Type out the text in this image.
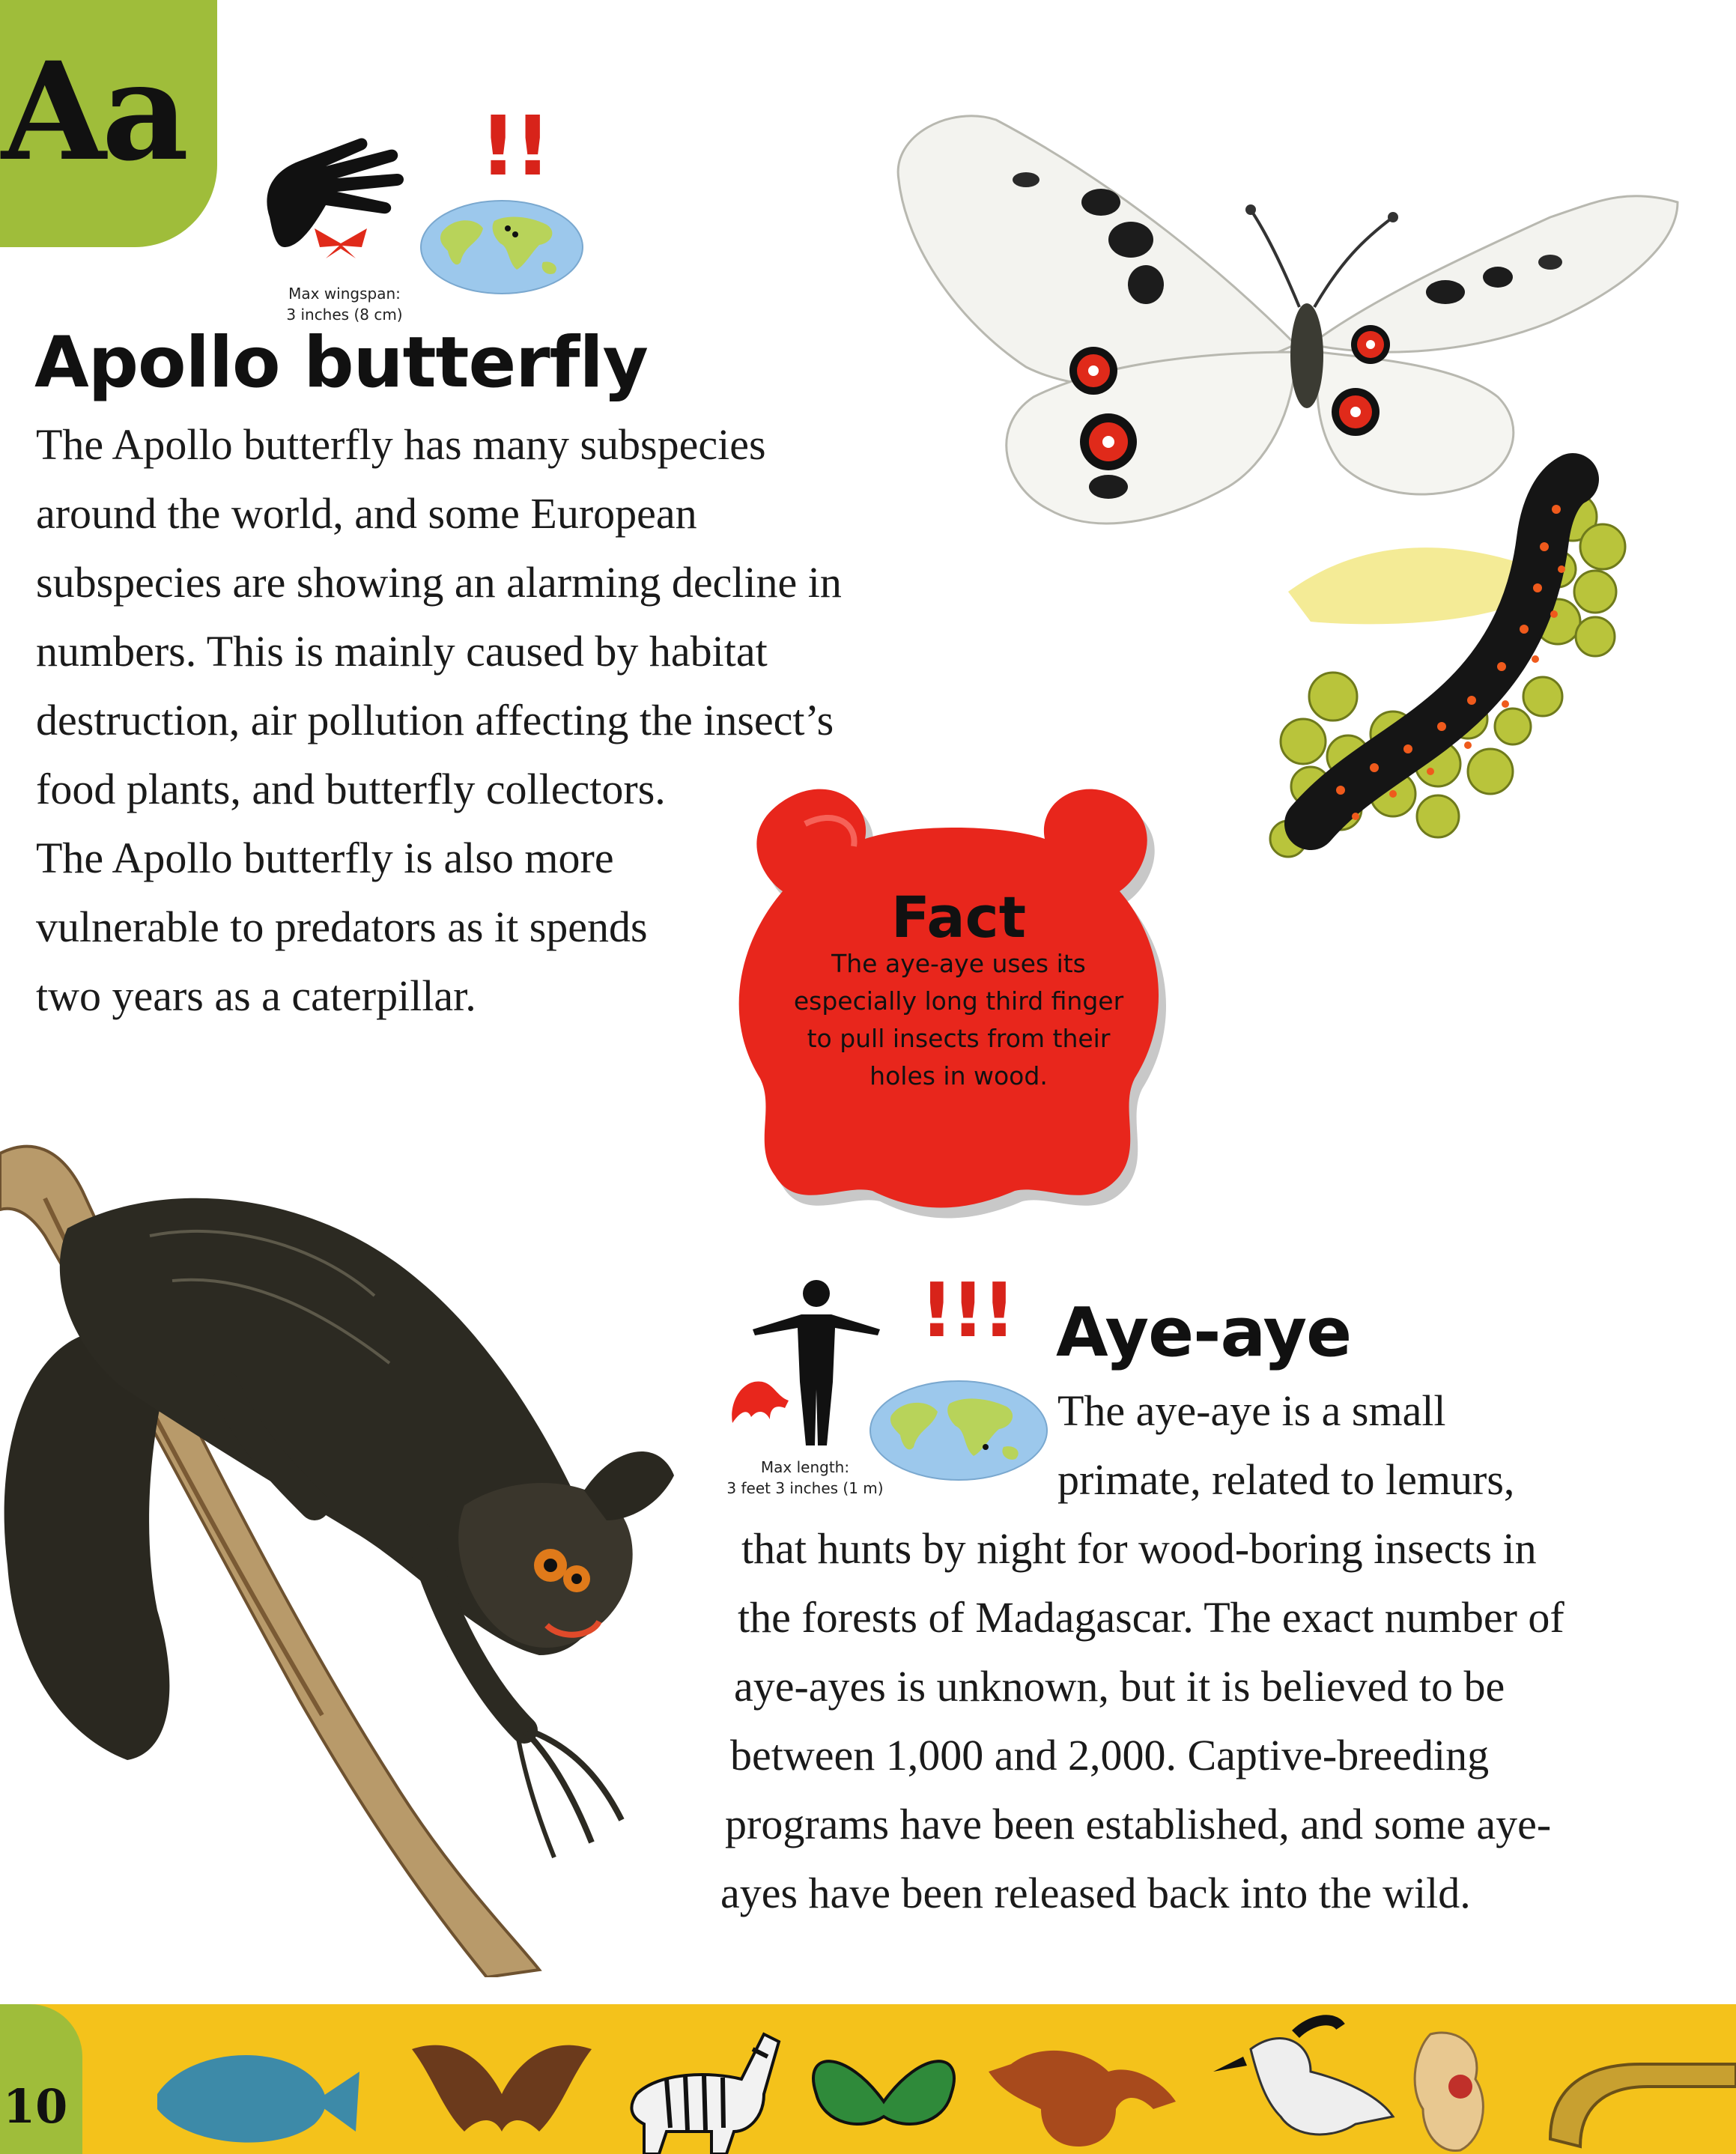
Aa	!!
Max wingspan:
3 inches (8 cm)
Apollo butterfly

The Apollo butterfly has many subspecies
around the world, and some European
subspecies are showing an alarming decline in
numbers. This is mainly caused by habitat
destruction, air pollution affecting the insect’s
food plants, and butterfly collectors.
The Apollo butterfly is also more
vulnerable to predators as it spends
two years as a caterpillar.

Fact
The aye-aye uses its
especially long third finger
to pull insects from their
holes in wood.
!!!
Max length:
3 feet 3 inches (1 m)
Aye-aye
The aye-aye is a small
primate, related to lemurs,
that hunts by night for wood-boring insects in
the forests of Madagascar. The exact number of
aye-ayes is unknown, but it is believed to be
between 1,000 and 2,000. Captive-breeding
programs have been established, and some aye-
ayes have been released back into the wild.
10
